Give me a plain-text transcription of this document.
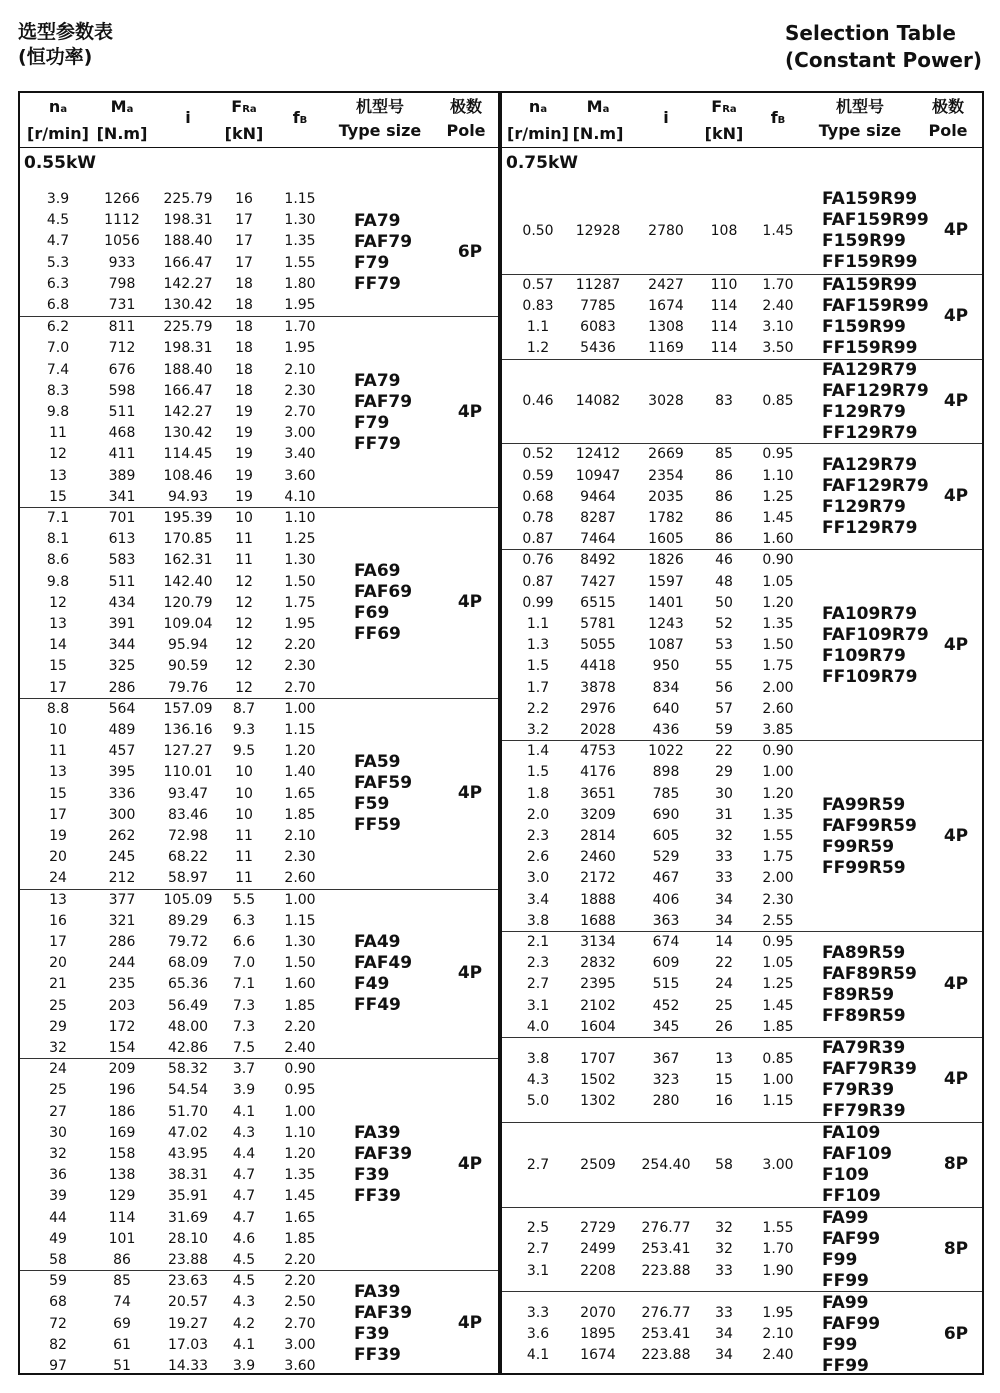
选型参数表
(恒功率)
Selection Table
(Constant Power)
na
[r/min]
Ma
[N.m]
i
FRa
[kN]
fB
机型号
Type size
极数
Pole
0.55kW
3.9	1266	225.79	16	1.15
4.5	1112	198.31	17	1.30
4.7	1056	188.40	17	1.35
5.3	933	166.47	17	1.55
6.3	798	142.27	18	1.80
6.8	731	130.42	18	1.95
FA79
FAF79
F79
FF79
6P
6.2	811	225.79	18	1.70
7.0	712	198.31	18	1.95
7.4	676	188.40	18	2.10
8.3	598	166.47	18	2.30
9.8	511	142.27	19	2.70
11	468	130.42	19	3.00
12	411	114.45	19	3.40
13	389	108.46	19	3.60
15	341	94.93	19	4.10
FA79
FAF79
F79
FF79
4P
7.1	701	195.39	10	1.10
8.1	613	170.85	11	1.25
8.6	583	162.31	11	1.30
9.8	511	142.40	12	1.50
12	434	120.79	12	1.75
13	391	109.04	12	1.95
14	344	95.94	12	2.20
15	325	90.59	12	2.30
17	286	79.76	12	2.70
FA69
FAF69
F69
FF69
4P
8.8	564	157.09	8.7	1.00
10	489	136.16	9.3	1.15
11	457	127.27	9.5	1.20
13	395	110.01	10	1.40
15	336	93.47	10	1.65
17	300	83.46	10	1.85
19	262	72.98	11	2.10
20	245	68.22	11	2.30
24	212	58.97	11	2.60
FA59
FAF59
F59
FF59
4P
13	377	105.09	5.5	1.00
16	321	89.29	6.3	1.15
17	286	79.72	6.6	1.30
20	244	68.09	7.0	1.50
21	235	65.36	7.1	1.60
25	203	56.49	7.3	1.85
29	172	48.00	7.3	2.20
32	154	42.86	7.5	2.40
FA49
FAF49
F49
FF49
4P
24	209	58.32	3.7	0.90
25	196	54.54	3.9	0.95
27	186	51.70	4.1	1.00
30	169	47.02	4.3	1.10
32	158	43.95	4.4	1.20
36	138	38.31	4.7	1.35
39	129	35.91	4.7	1.45
44	114	31.69	4.7	1.65
49	101	28.10	4.6	1.85
58	86	23.88	4.5	2.20
FA39
FAF39
F39
FF39
4P
59	85	23.63	4.5	2.20
68	74	20.57	4.3	2.50
72	69	19.27	4.2	2.70
82	61	17.03	4.1	3.00
97	51	14.33	3.9	3.60
FA39
FAF39
F39
FF39
4P
na
[r/min]
Ma
[N.m]
i
FRa
[kN]
fB
机型号
Type size
极数
Pole
0.75kW
0.50	12928	2780	108	1.45
FA159R99
FAF159R99
F159R99
FF159R99
4P
0.57	11287	2427	110	1.70
0.83	7785	1674	114	2.40
1.1	6083	1308	114	3.10
1.2	5436	1169	114	3.50
FA159R99
FAF159R99
F159R99
FF159R99
4P
0.46	14082	3028	83	0.85
FA129R79
FAF129R79
F129R79
FF129R79
4P
0.52	12412	2669	85	0.95
0.59	10947	2354	86	1.10
0.68	9464	2035	86	1.25
0.78	8287	1782	86	1.45
0.87	7464	1605	86	1.60
FA129R79
FAF129R79
F129R79
FF129R79
4P
0.76	8492	1826	46	0.90
0.87	7427	1597	48	1.05
0.99	6515	1401	50	1.20
1.1	5781	1243	52	1.35
1.3	5055	1087	53	1.50
1.5	4418	950	55	1.75
1.7	3878	834	56	2.00
2.2	2976	640	57	2.60
3.2	2028	436	59	3.85
FA109R79
FAF109R79
F109R79
FF109R79
4P
1.4	4753	1022	22	0.90
1.5	4176	898	29	1.00
1.8	3651	785	30	1.20
2.0	3209	690	31	1.35
2.3	2814	605	32	1.55
2.6	2460	529	33	1.75
3.0	2172	467	33	2.00
3.4	1888	406	34	2.30
3.8	1688	363	34	2.55
FA99R59
FAF99R59
F99R59
FF99R59
4P
2.1	3134	674	14	0.95
2.3	2832	609	22	1.05
2.7	2395	515	24	1.25
3.1	2102	452	25	1.45
4.0	1604	345	26	1.85
FA89R59
FAF89R59
F89R59
FF89R59
4P
3.8	1707	367	13	0.85
4.3	1502	323	15	1.00
5.0	1302	280	16	1.15
FA79R39
FAF79R39
F79R39
FF79R39
4P
2.7	2509	254.40	58	3.00
FA109
FAF109
F109
FF109
8P
2.5	2729	276.77	32	1.55
2.7	2499	253.41	32	1.70
3.1	2208	223.88	33	1.90
FA99
FAF99
F99
FF99
8P
3.3	2070	276.77	33	1.95
3.6	1895	253.41	34	2.10
4.1	1674	223.88	34	2.40
FA99
FAF99
F99
FF99
6P
